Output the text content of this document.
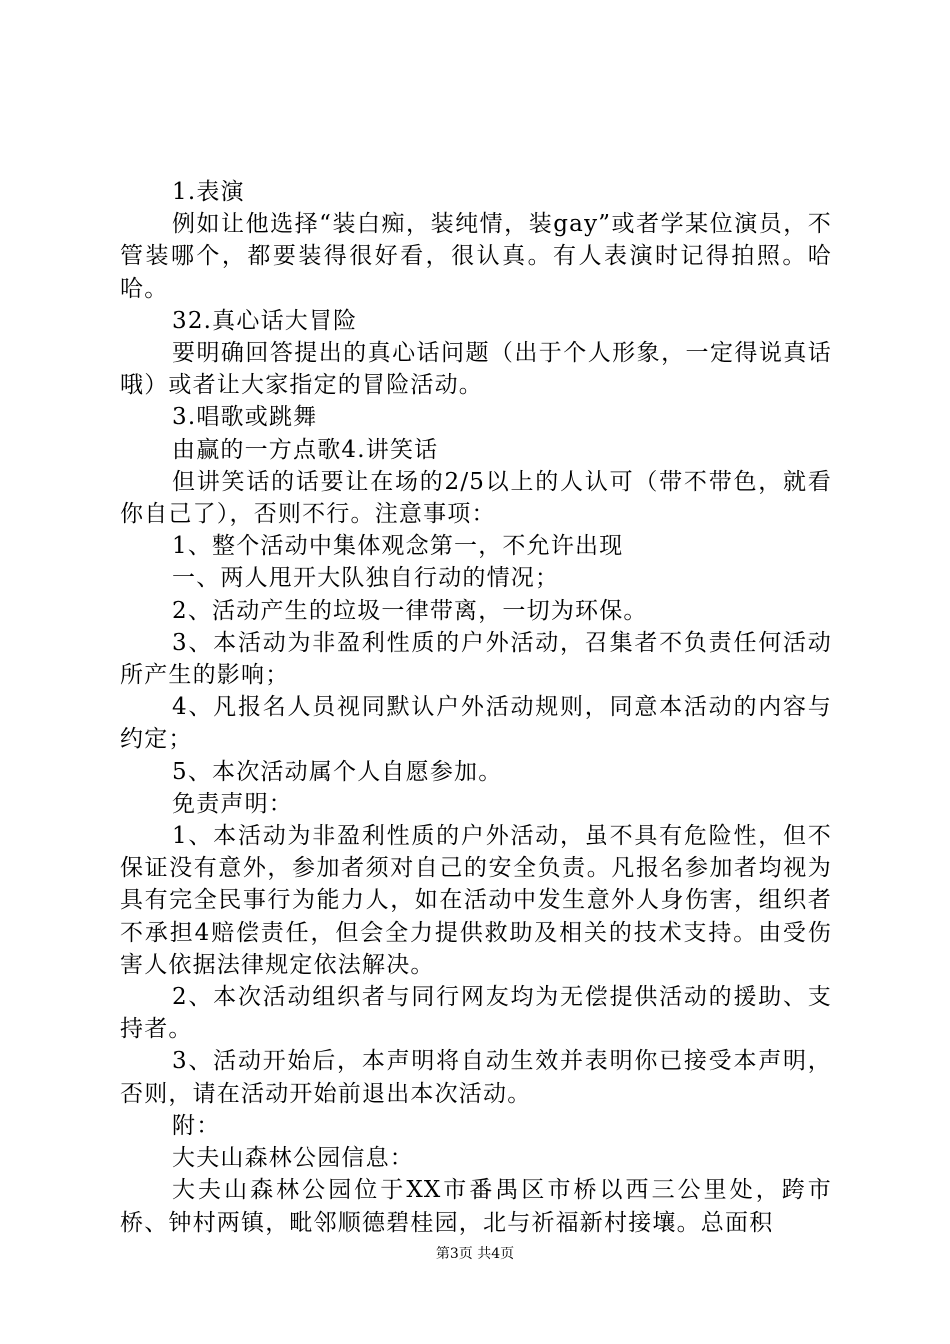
1.表演

例如让他选择“装白痴，装纯情，装gay”或者学某位演员，不管装哪个，都要装得很好看，很认真。有人表演时记得拍照。哈哈。

32.真心话大冒险

要明确回答提出的真心话问题（出于个人形象，一定得说真话哦）或者让大家指定的冒险活动。

3.唱歌或跳舞

由赢的一方点歌4.讲笑话

但讲笑话的话要让在场的2/5以上的人认可（带不带色，就看你自己了），否则不行。注意事项：

1、整个活动中集体观念第一，不允许出现

一、两人甩开大队独自行动的情况；

2、活动产生的垃圾一律带离，一切为环保。

3、本活动为非盈利性质的户外活动，召集者不负责任何活动所产生的影响；

4、凡报名人员视同默认户外活动规则，同意本活动的内容与约定；

5、本次活动属个人自愿参加。

免责声明：

1、本活动为非盈利性质的户外活动，虽不具有危险性，但不保证没有意外，参加者须对自己的安全负责。凡报名参加者均视为具有完全民事行为能力人，如在活动中发生意外人身伤害，组织者不承担4赔偿责任，但会全力提供救助及相关的技术支持。由受伤害人依据法律规定依法解决。

2、本次活动组织者与同行网友均为无偿提供活动的援助、支持者。

3、活动开始后，本声明将自动生效并表明你已接受本声明，否则，请在活动开始前退出本次活动。

附：

大夫山森林公园信息：

大夫山森林公园位于XX市番禺区市桥以西三公里处，跨市桥、钟村两镇，毗邻顺德碧桂园，北与祈福新村接壤。总面积

第3页 共4页
